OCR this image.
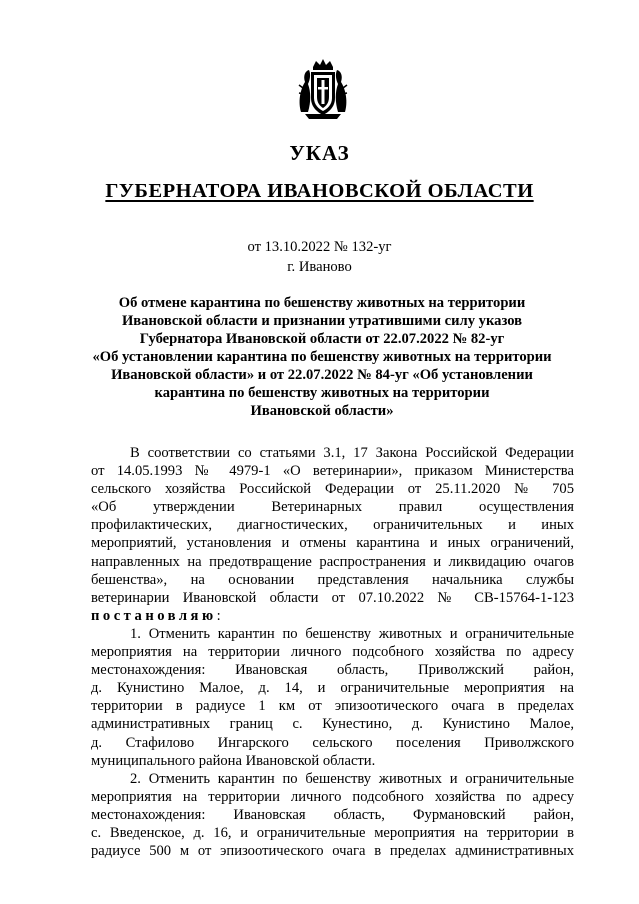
УКАЗ
ГУБЕРНАТОРА ИВАНОВСКОЙ ОБЛАСТИ
от 13.10.2022 № 132-уг
г. Иваново
Об отмене карантина по бешенству животных на территории
Ивановской области и признании утратившими силу указов
Губернатора Ивановской области от 22.07.2022 № 82-уг
«Об установлении карантина по бешенству животных на территории
Ивановской области» и от 22.07.2022 № 84-уг «Об установлении
карантина по бешенству животных на территории
Ивановской области»
В соответствии со статьями 3.1, 17 Закона Российской Федерации
от 14.05.1993 № 4979-1 «О ветеринарии», приказом Министерства
сельского хозяйства Российской Федерации от 25.11.2020 № 705
«Об утверждении Ветеринарных правил осуществления
профилактических, диагностических, ограничительных и иных
мероприятий, установления и отмены карантина и иных ограничений,
направленных на предотвращение распространения и ликвидацию очагов
бешенства», на основании представления начальника службы
ветеринарии Ивановской области от 07.10.2022 № СВ-15764-1-123
постановляю:
1. Отменить карантин по бешенству животных и ограничительные
мероприятия на территории личного подсобного хозяйства по адресу
местонахождения: Ивановская область, Приволжский район,
д. Кунистино Малое, д. 14, и ограничительные мероприятия на
территории в радиусе 1 км от эпизоотического очага в пределах
административных границ с. Кунестино, д. Кунистино Малое,
д. Стафилово Ингарского сельского поселения Приволжского
муниципального района Ивановской области.
2. Отменить карантин по бешенству животных и ограничительные
мероприятия на территории личного подсобного хозяйства по адресу
местонахождения: Ивановская область, Фурмановский район,
с. Введенское, д. 16, и ограничительные мероприятия на территории в
радиусе 500 м от эпизоотического очага в пределах административных
